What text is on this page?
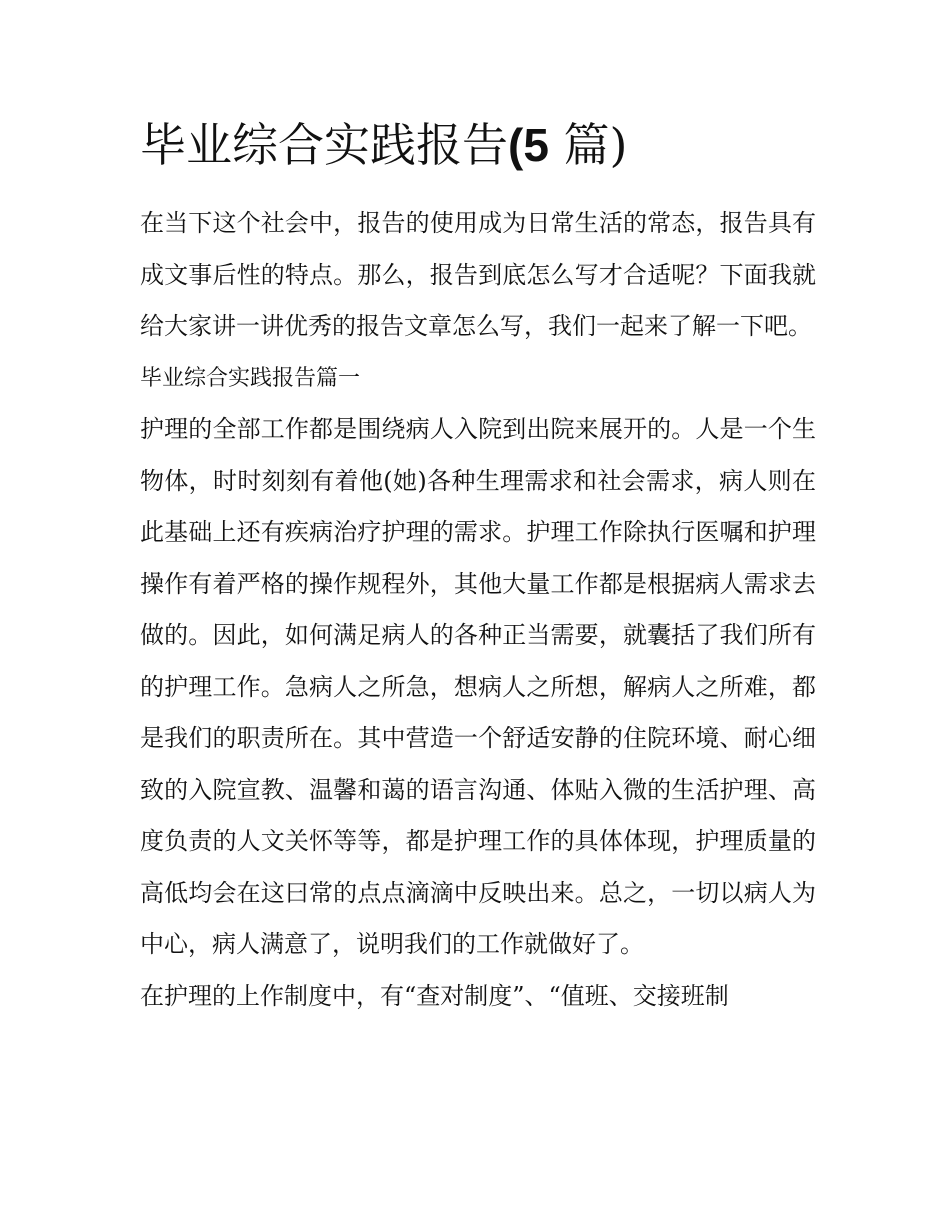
毕业综合实践报告(5 篇)

在当下这个社会中，报告的使用成为日常生活的常态，报告具有成文事后性的特点。那么，报告到底怎么写才合适呢？下面我就给大家讲一讲优秀的报告文章怎么写，我们一起来了解一下吧。

毕业综合实践报告篇一

护理的全部工作都是围绕病人入院到出院来展开的。人是一个生物体，时时刻刻有着他(她)各种生理需求和社会需求，病人则在此基础上还有疾病治疗护理的需求。护理工作除执行医嘱和护理操作有着严格的操作规程外，其他大量工作都是根据病人需求去做的。因此，如何满足病人的各种正当需要，就囊括了我们所有的护理工作。急病人之所急，想病人之所想，解病人之所难，都是我们的职责所在。其中营造一个舒适安静的住院环境、耐心细致的入院宣教、温馨和蔼的语言沟通、体贴入微的生活护理、高度负责的人文关怀等等，都是护理工作的具体体现，护理质量的高低均会在这曰常的点点滴滴中反映出来。总之，一切以病人为中心，病人满意了，说明我们的工作就做好了。

在护理的上作制度中，有“查对制度”、“值班、交接班制
